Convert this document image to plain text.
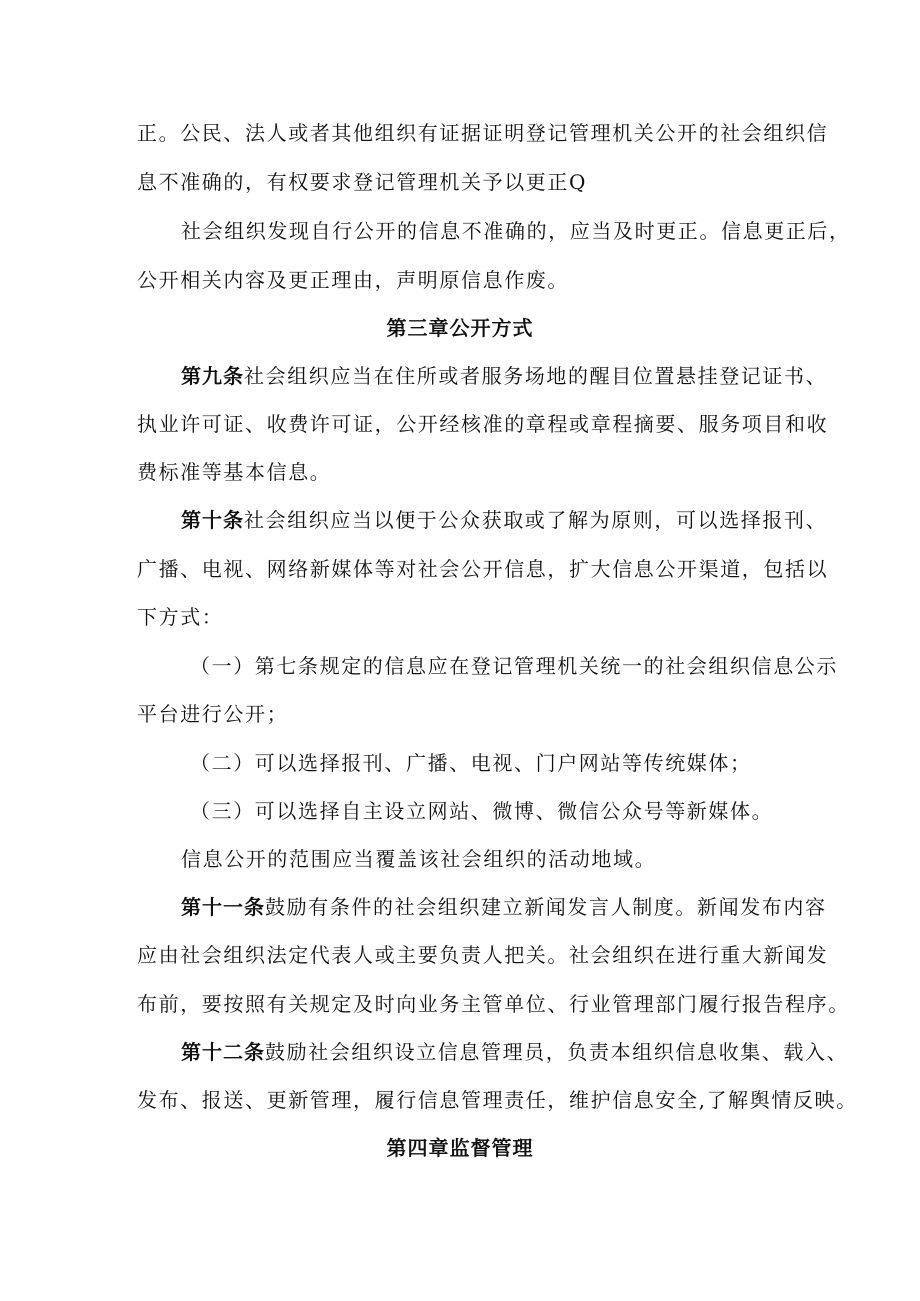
正。公民、法人或者其他组织有证据证明登记管理机关公开的社会组织信
息不准确的，有权要求登记管理机关予以更正Q
社会组织发现自行公开的信息不准确的，应当及时更正。信息更正后，
公开相关内容及更正理由，声明原信息作废。
第三章公开方式
第九条社会组织应当在住所或者服务场地的醒目位置悬挂登记证书、
执业许可证、收费许可证，公开经核准的章程或章程摘要、服务项目和收
费标准等基本信息。
第十条社会组织应当以便于公众获取或了解为原则，可以选择报刊、
广播、电视、网络新媒体等对社会公开信息，扩大信息公开渠道，包括以
下方式：
（一）第七条规定的信息应在登记管理机关统一的社会组织信息公示
平台进行公开；
（二）可以选择报刊、广播、电视、门户网站等传统媒体；
（三）可以选择自主设立网站、微博、微信公众号等新媒体。
信息公开的范围应当覆盖该社会组织的活动地域。
第十一条鼓励有条件的社会组织建立新闻发言人制度。新闻发布内容
应由社会组织法定代表人或主要负责人把关。社会组织在进行重大新闻发
布前，要按照有关规定及时向业务主管单位、行业管理部门履行报告程序。
第十二条鼓励社会组织设立信息管理员，负责本组织信息收集、载入、
发布、报送、更新管理，履行信息管理责任，维护信息安全,了解舆情反映。
第四章监督管理
